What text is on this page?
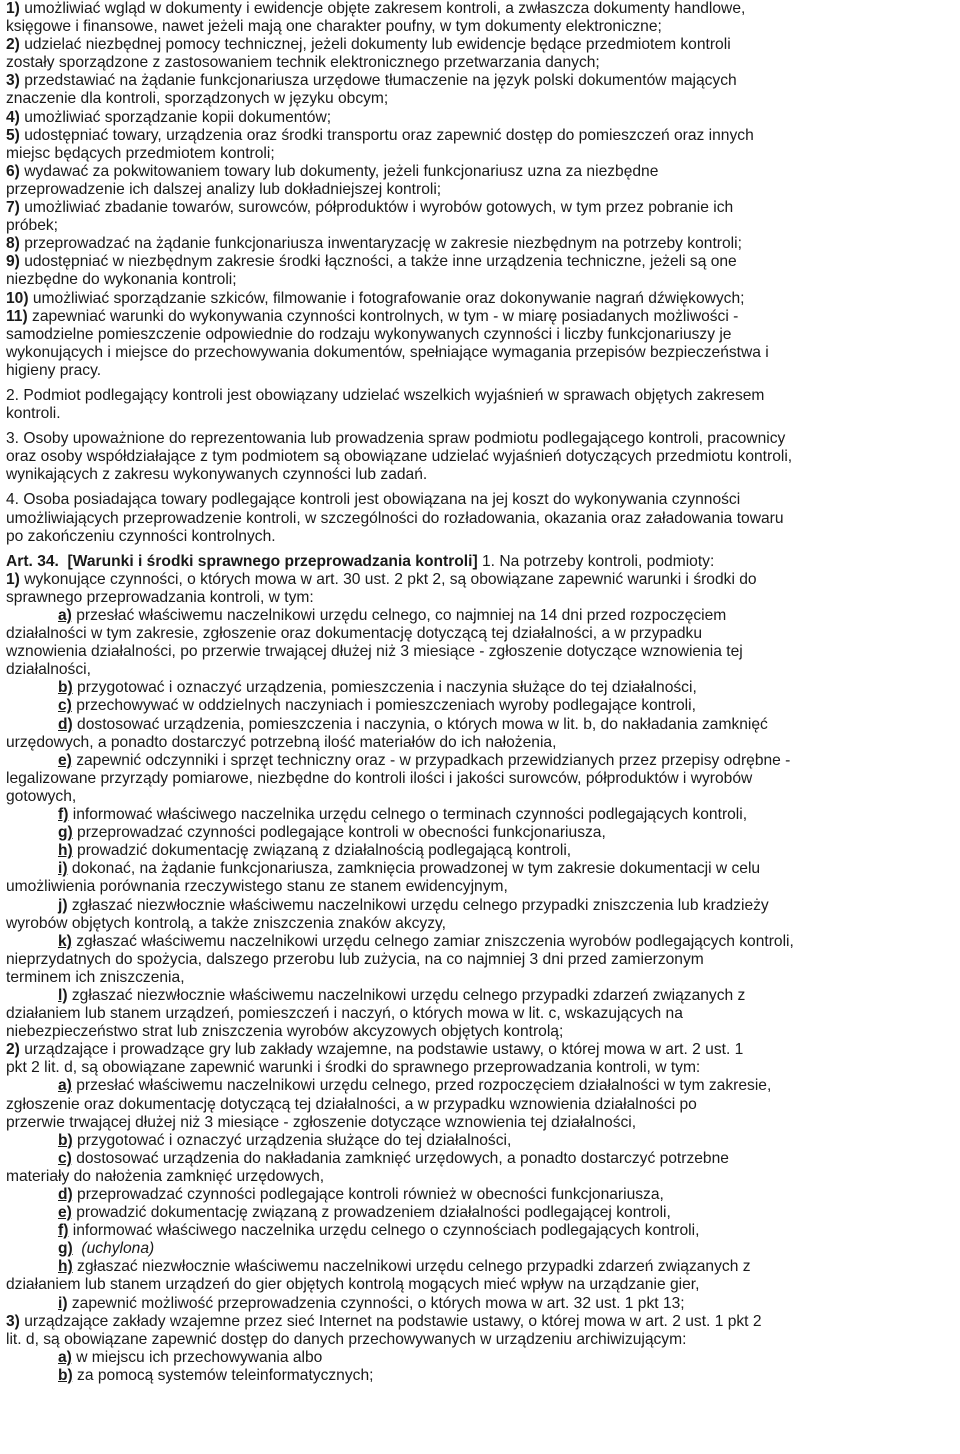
1) umożliwiać wgląd w dokumenty i ewidencje objęte zakresem kontroli, a zwłaszcza dokumenty handlowe,
księgowe i finansowe, nawet jeżeli mają one charakter poufny, w tym dokumenty elektroniczne;
2) udzielać niezbędnej pomocy technicznej, jeżeli dokumenty lub ewidencje będące przedmiotem kontroli
zostały sporządzone z zastosowaniem technik elektronicznego przetwarzania danych;
3) przedstawiać na żądanie funkcjonariusza urzędowe tłumaczenie na język polski dokumentów mających
znaczenie dla kontroli, sporządzonych w języku obcym;
4) umożliwiać sporządzanie kopii dokumentów;
5) udostępniać towary, urządzenia oraz środki transportu oraz zapewnić dostęp do pomieszczeń oraz innych
miejsc będących przedmiotem kontroli;
6) wydawać za pokwitowaniem towary lub dokumenty, jeżeli funkcjonariusz uzna za niezbędne
przeprowadzenie ich dalszej analizy lub dokładniejszej kontroli;
7) umożliwiać zbadanie towarów, surowców, półproduktów i wyrobów gotowych, w tym przez pobranie ich
próbek;
8) przeprowadzać na żądanie funkcjonariusza inwentaryzację w zakresie niezbędnym na potrzeby kontroli;
9) udostępniać w niezbędnym zakresie środki łączności, a także inne urządzenia techniczne, jeżeli są one
niezbędne do wykonania kontroli;
10) umożliwiać sporządzanie szkiców, filmowanie i fotografowanie oraz dokonywanie nagrań dźwiękowych;
11) zapewniać warunki do wykonywania czynności kontrolnych, w tym - w miarę posiadanych możliwości -
samodzielne pomieszczenie odpowiednie do rodzaju wykonywanych czynności i liczby funkcjonariuszy je
wykonujących i miejsce do przechowywania dokumentów, spełniające wymagania przepisów bezpieczeństwa i
higieny pracy.
2. Podmiot podlegający kontroli jest obowiązany udzielać wszelkich wyjaśnień w sprawach objętych zakresem
kontroli.
3. Osoby upoważnione do reprezentowania lub prowadzenia spraw podmiotu podlegającego kontroli, pracownicy
oraz osoby współdziałające z tym podmiotem są obowiązane udzielać wyjaśnień dotyczących przedmiotu kontroli,
wynikających z zakresu wykonywanych czynności lub zadań.
4. Osoba posiadająca towary podlegające kontroli jest obowiązana na jej koszt do wykonywania czynności
umożliwiających przeprowadzenie kontroli, w szczególności do rozładowania, okazania oraz załadowania towaru
po zakończeniu czynności kontrolnych.
Art. 34. [Warunki i środki sprawnego przeprowadzania kontroli] 1. Na potrzeby kontroli, podmioty:
1) wykonujące czynności, o których mowa w art. 30 ust. 2 pkt 2, są obowiązane zapewnić warunki i środki do
sprawnego przeprowadzania kontroli, w tym:
a) przesłać właściwemu naczelnikowi urzędu celnego, co najmniej na 14 dni przed rozpoczęciem
działalności w tym zakresie, zgłoszenie oraz dokumentację dotyczącą tej działalności, a w przypadku
wznowienia działalności, po przerwie trwającej dłużej niż 3 miesiące - zgłoszenie dotyczące wznowienia tej
działalności,
b) przygotować i oznaczyć urządzenia, pomieszczenia i naczynia służące do tej działalności,
c) przechowywać w oddzielnych naczyniach i pomieszczeniach wyroby podlegające kontroli,
d) dostosować urządzenia, pomieszczenia i naczynia, o których mowa w lit. b, do nakładania zamknięć
urzędowych, a ponadto dostarczyć potrzebną ilość materiałów do ich nałożenia,
e) zapewnić odczynniki i sprzęt techniczny oraz - w przypadkach przewidzianych przez przepisy odrębne -
legalizowane przyrządy pomiarowe, niezbędne do kontroli ilości i jakości surowców, półproduktów i wyrobów
gotowych,
f) informować właściwego naczelnika urzędu celnego o terminach czynności podlegających kontroli,
g) przeprowadzać czynności podlegające kontroli w obecności funkcjonariusza,
h) prowadzić dokumentację związaną z działalnością podlegającą kontroli,
i) dokonać, na żądanie funkcjonariusza, zamknięcia prowadzonej w tym zakresie dokumentacji w celu
umożliwienia porównania rzeczywistego stanu ze stanem ewidencyjnym,
j) zgłaszać niezwłocznie właściwemu naczelnikowi urzędu celnego przypadki zniszczenia lub kradzieży
wyrobów objętych kontrolą, a także zniszczenia znaków akcyzy,
k) zgłaszać właściwemu naczelnikowi urzędu celnego zamiar zniszczenia wyrobów podlegających kontroli,
nieprzydatnych do spożycia, dalszego przerobu lub zużycia, na co najmniej 3 dni przed zamierzonym
terminem ich zniszczenia,
l) zgłaszać niezwłocznie właściwemu naczelnikowi urzędu celnego przypadki zdarzeń związanych z
działaniem lub stanem urządzeń, pomieszczeń i naczyń, o których mowa w lit. c, wskazujących na
niebezpieczeństwo strat lub zniszczenia wyrobów akcyzowych objętych kontrolą;
2) urządzające i prowadzące gry lub zakłady wzajemne, na podstawie ustawy, o której mowa w art. 2 ust. 1
pkt 2 lit. d, są obowiązane zapewnić warunki i środki do sprawnego przeprowadzania kontroli, w tym:
a) przesłać właściwemu naczelnikowi urzędu celnego, przed rozpoczęciem działalności w tym zakresie,
zgłoszenie oraz dokumentację dotyczącą tej działalności, a w przypadku wznowienia działalności po
przerwie trwającej dłużej niż 3 miesiące - zgłoszenie dotyczące wznowienia tej działalności,
b) przygotować i oznaczyć urządzenia służące do tej działalności,
c) dostosować urządzenia do nakładania zamknięć urzędowych, a ponadto dostarczyć potrzebne
materiały do nałożenia zamknięć urzędowych,
d) przeprowadzać czynności podlegające kontroli również w obecności funkcjonariusza,
e) prowadzić dokumentację związaną z prowadzeniem działalności podlegającej kontroli,
f) informować właściwego naczelnika urzędu celnego o czynnościach podlegających kontroli,
g) (uchylona)
h) zgłaszać niezwłocznie właściwemu naczelnikowi urzędu celnego przypadki zdarzeń związanych z
działaniem lub stanem urządzeń do gier objętych kontrolą mogących mieć wpływ na urządzanie gier,
i) zapewnić możliwość przeprowadzenia czynności, o których mowa w art. 32 ust. 1 pkt 13;
3) urządzające zakłady wzajemne przez sieć Internet na podstawie ustawy, o której mowa w art. 2 ust. 1 pkt 2
lit. d, są obowiązane zapewnić dostęp do danych przechowywanych w urządzeniu archiwizującym:
a) w miejscu ich przechowywania albo
b) za pomocą systemów teleinformatycznych;
